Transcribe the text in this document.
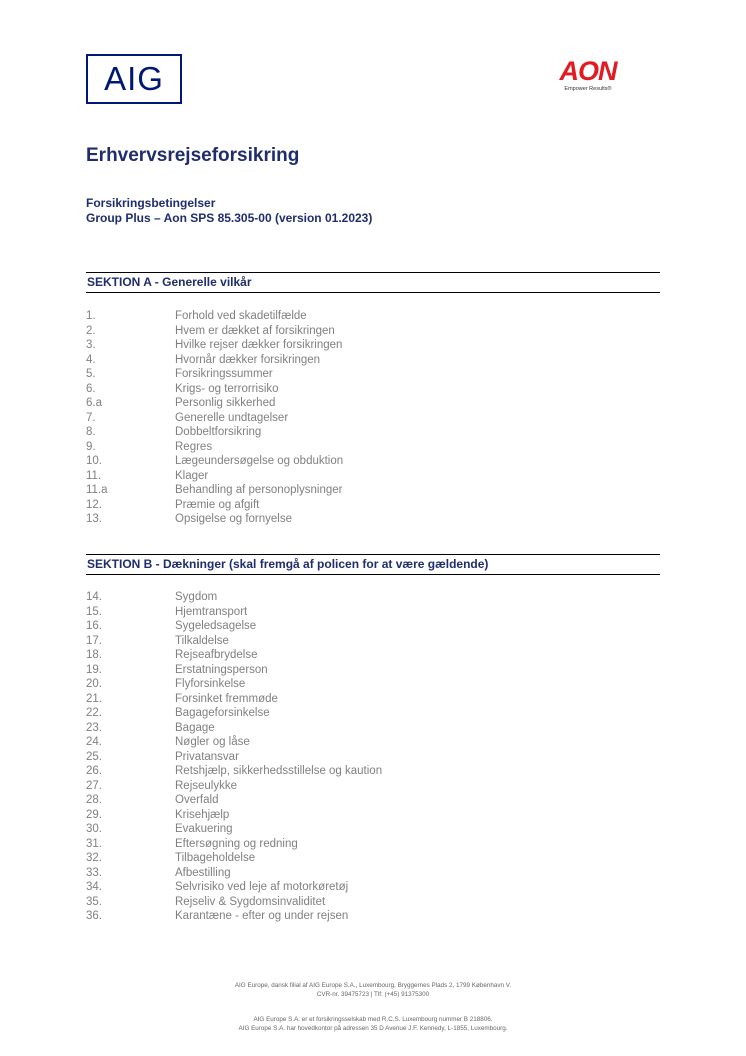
AIG	AON
Empower Results®
Erhvervsrejseforsikring
Forsikringsbetingelser
Group Plus – Aon SPS 85.305-00 (version 01.2023)
SEKTION A - Generelle vilkår
1.	Forhold ved skadetilfælde
2.	Hvem er dækket af forsikringen
3.	Hvilke rejser dækker forsikringen
4.	Hvornår dækker forsikringen
5.	Forsikringssummer
6.	Krigs- og terrorrisiko
6.a	Personlig sikkerhed
7.	Generelle undtagelser
8.	Dobbeltforsikring
9.	Regres
10.	Lægeundersøgelse og obduktion
11.	Klager
11.a	Behandling af personoplysninger
12.	Præmie og afgift
13.	Opsigelse og fornyelse
SEKTION B - Dækninger (skal fremgå af policen for at være gældende)
14.	Sygdom
15.	Hjemtransport
16.	Sygeledsagelse
17.	Tilkaldelse
18.	Rejseafbrydelse
19.	Erstatningsperson
20.	Flyforsinkelse
21.	Forsinket fremmøde
22.	Bagageforsinkelse
23.	Bagage
24.	Nøgler og låse
25.	Privatansvar
26.	Retshjælp, sikkerhedsstillelse og kaution
27.	Rejseulykke
28.	Overfald
29.	Krisehjælp
30.	Evakuering
31.	Eftersøgning og redning
32.	Tilbageholdelse
33.	Afbestilling
34.	Selvrisiko ved leje af motorkøretøj
35.	Rejseliv & Sygdomsinvaliditet
36.	Karantæne - efter og under rejsen
AIG Europe, dansk filial af AIG Europe S.A., Luxembourg, Bryggernes Plads 2, 1799 København V.
CVR-nr. 39475723 | Tlf: (+45) 91375300
AIG Europe S.A. er et forsikringsselskab med R.C.S. Luxembourg nummer B 218806.
AIG Europe S.A. har hovedkontor på adressen 35 D Avenue J.F. Kennedy, L-1855, Luxembourg.
